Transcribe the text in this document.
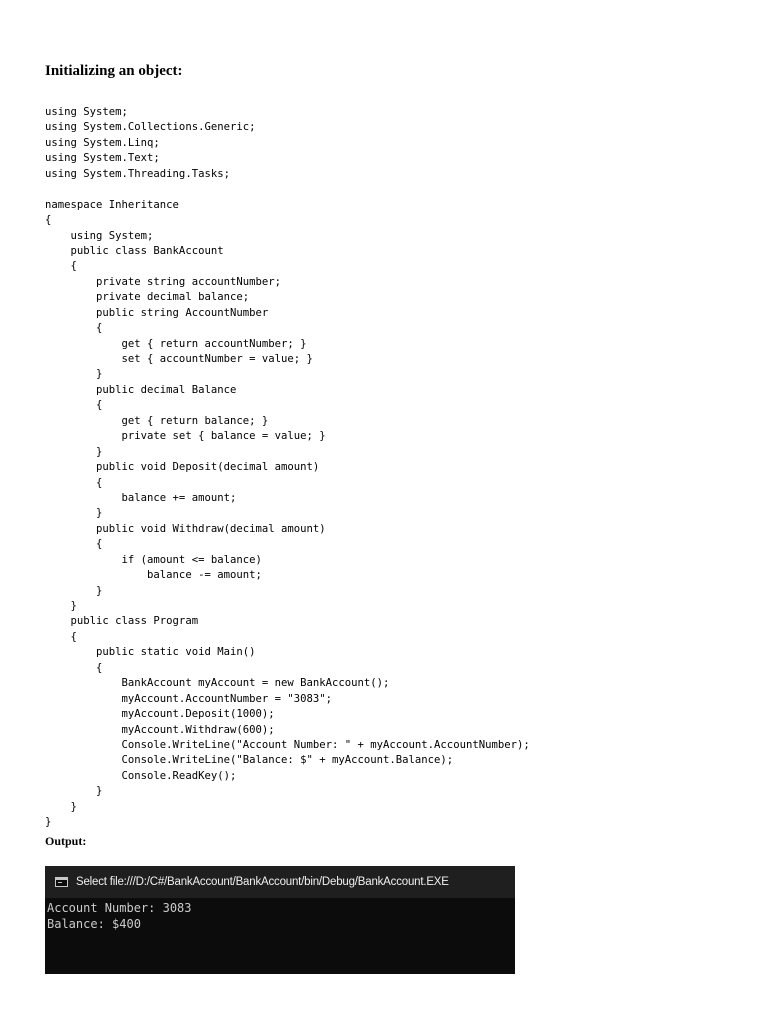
Initializing an object:
using System;
using System.Collections.Generic;
using System.Linq;
using System.Text;
using System.Threading.Tasks;

namespace Inheritance
{
using System;
public class BankAccount
{
private string accountNumber;
private decimal balance;
public string AccountNumber
{
get { return accountNumber; }
set { accountNumber = value; }
}
public decimal Balance
{
get { return balance; }
private set { balance = value; }
}
public void Deposit(decimal amount)
{
balance += amount;
}
public void Withdraw(decimal amount)
{
if (amount <= balance)
balance -= amount;
}
}
public class Program
{
public static void Main()
{
BankAccount myAccount = new BankAccount();
myAccount.AccountNumber = "3083";
myAccount.Deposit(1000);
myAccount.Withdraw(600);
Console.WriteLine("Account Number: " + myAccount.AccountNumber);
Console.WriteLine("Balance: $" + myAccount.Balance);
Console.ReadKey();
}
}
}
Output:
Select file:///D:/C#/BankAccount/BankAccount/bin/Debug/BankAccount.EXE
Account Number: 3083
Balance: $400
